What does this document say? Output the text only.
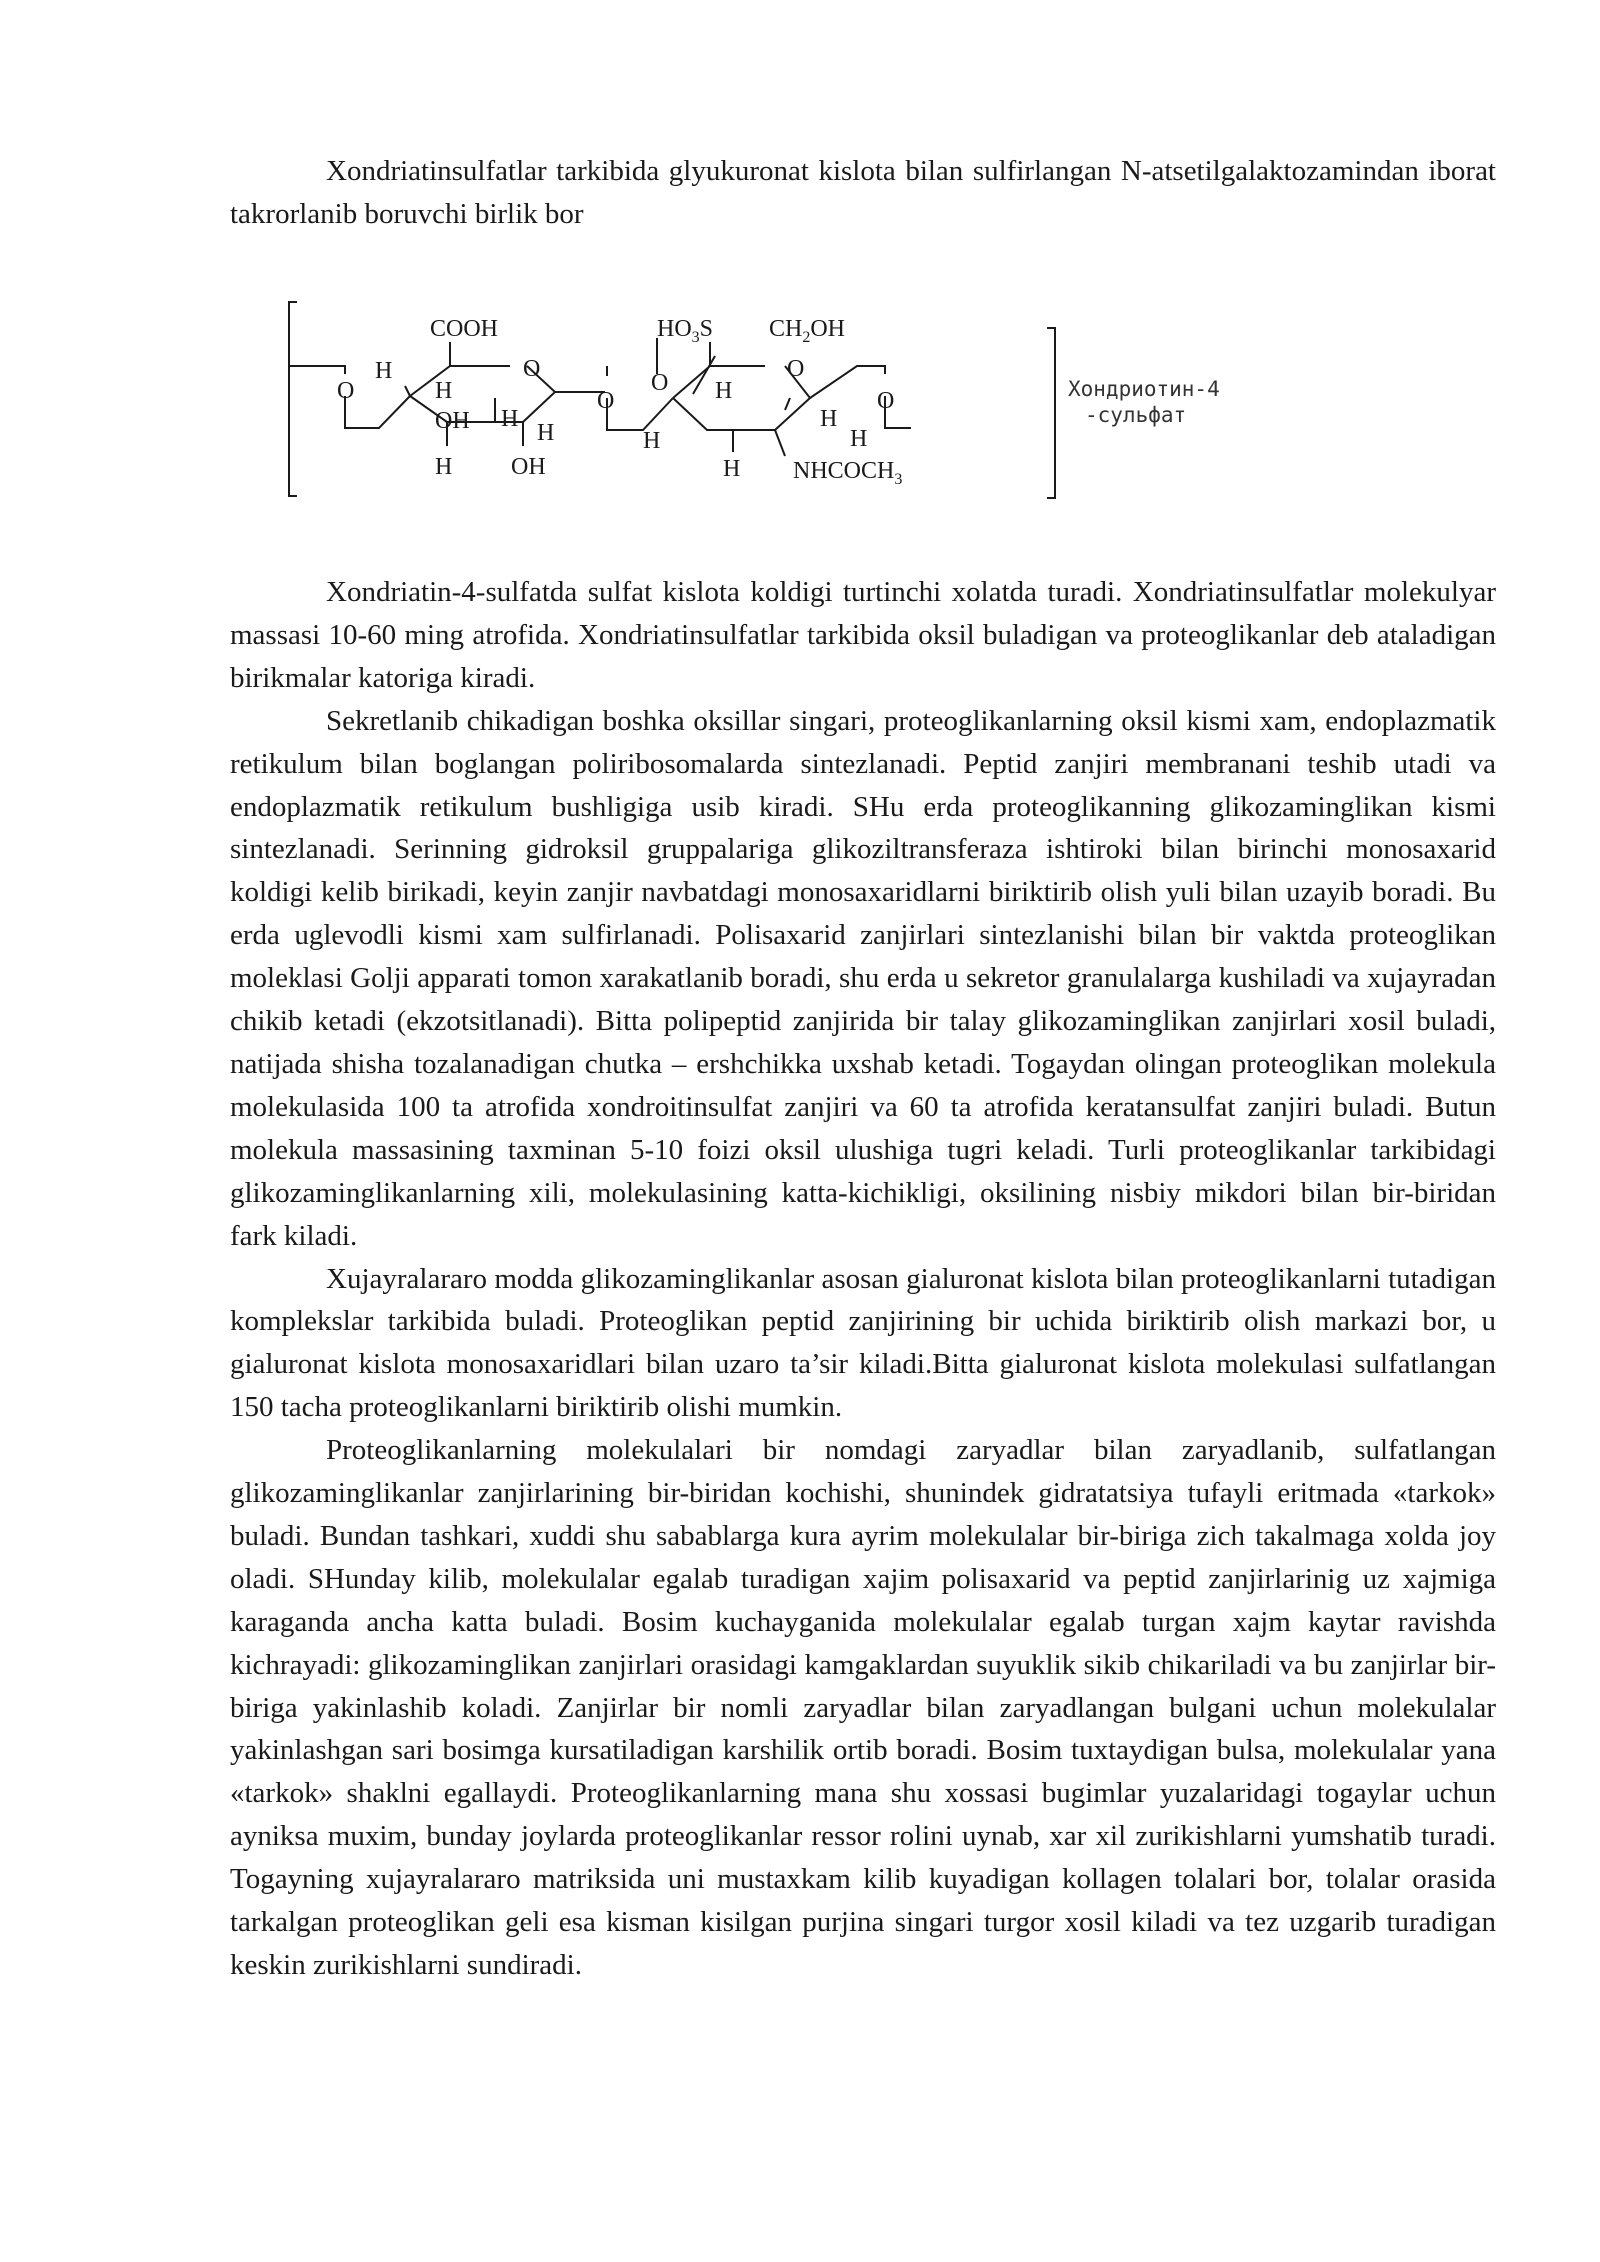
Xondriatinsulfatlar tarkibida glyukuronat kislota bilan sulfirlangan N-atsetilgalaktozamindan iborat takrorlanib boruvchi birlik bor

COOH
H
O
O
H
OH H
H
H OH
O
$HO_3S$ $CH_2OH$
O
O
H
H
H
H
H
O
$NHCOCH_3$
Хондриотин-4
-сульфат

Xondriatin-4-sulfatda sulfat kislota koldigi turtinchi xolatda turadi. Xondriatinsulfatlar molekulyar massasi 10-60 ming atrofida. Xondriatinsulfatlar tarkibida oksil buladigan va proteoglikanlar deb ataladigan birikmalar katoriga kiradi.

Sekretlanib chikadigan boshka oksillar singari, proteoglikanlarning oksil kismi xam, endoplazmatik retikulum bilan boglangan poliribosomalarda sintezlanadi. Peptid zanjiri membranani teshib utadi va endoplazmatik retikulum bushligiga usib kiradi. SHu erda proteoglikanning glikozaminglikan kismi sintezlanadi. Serinning gidroksil gruppalariga glikoziltransferaza ishtiroki bilan birinchi monosaxarid koldigi kelib birikadi, keyin zanjir navbatdagi monosaxaridlarni biriktirib olish yuli bilan uzayib boradi. Bu erda uglevodli kismi xam sulfirlanadi. Polisaxarid zanjirlari sintezlanishi bilan bir vaktda proteoglikan moleklasi Golji apparati tomon xarakatlanib boradi, shu erda u sekretor granulalarga kushiladi va xujayradan chikib ketadi (ekzotsitlanadi). Bitta polipeptid zanjirida bir talay glikozaminglikan zanjirlari xosil buladi, natijada shisha tozalanadigan chutka – ershchikka uxshab ketadi. Togaydan olingan proteoglikan molekula molekulasida 100 ta atrofida xondroitinsulfat zanjiri va 60 ta atrofida keratansulfat zanjiri buladi. Butun molekula massasining taxminan 5-10 foizi oksil ulushiga tugri keladi. Turli proteoglikanlar tarkibidagi glikozaminglikanlarning xili, molekulasining katta-kichikligi, oksilining nisbiy mikdori bilan bir-biridan fark kiladi.

Xujayralararo modda glikozaminglikanlar asosan gialuronat kislota bilan proteoglikanlarni tutadigan komplekslar tarkibida buladi. Proteoglikan peptid zanjirining bir uchida biriktirib olish markazi bor, u gialuronat kislota monosaxaridlari bilan uzaro ta’sir kiladi.Bitta gialuronat kislota molekulasi sulfatlangan 150 tacha proteoglikanlarni biriktirib olishi mumkin.

Proteoglikanlarning molekulalari bir nomdagi zaryadlar bilan zaryadlanib, sulfatlangan glikozaminglikanlar zanjirlarining bir-biridan kochishi, shunindek gidratatsiya tufayli eritmada «tarkok» buladi. Bundan tashkari, xuddi shu sabablarga kura ayrim molekulalar bir-biriga zich takalmaga xolda joy oladi. SHunday kilib, molekulalar egalab turadigan xajim polisaxarid va peptid zanjirlarinig uz xajmiga karaganda ancha katta buladi. Bosim kuchayganida molekulalar egalab turgan xajm kaytar ravishda kichrayadi: glikozaminglikan zanjirlari orasidagi kamgaklardan suyuklik sikib chikariladi va bu zanjirlar bir-biriga yakinlashib koladi. Zanjirlar bir nomli zaryadlar bilan zaryadlangan bulgani uchun molekulalar yakinlashgan sari bosimga kursatiladigan karshilik ortib boradi. Bosim tuxtaydigan bulsa, molekulalar yana «tarkok» shaklni egallaydi. Proteoglikanlarning mana shu xossasi bugimlar yuzalaridagi togaylar uchun ayniksa muxim, bunday joylarda proteoglikanlar ressor rolini uynab, xar xil zurikishlarni yumshatib turadi. Togayning xujayralararo matriksida uni mustaxkam kilib kuyadigan kollagen tolalari bor, tolalar orasida tarkalgan proteoglikan geli esa kisman kisilgan purjina singari turgor xosil kiladi va tez uzgarib turadigan keskin zurikishlarni sundiradi.
